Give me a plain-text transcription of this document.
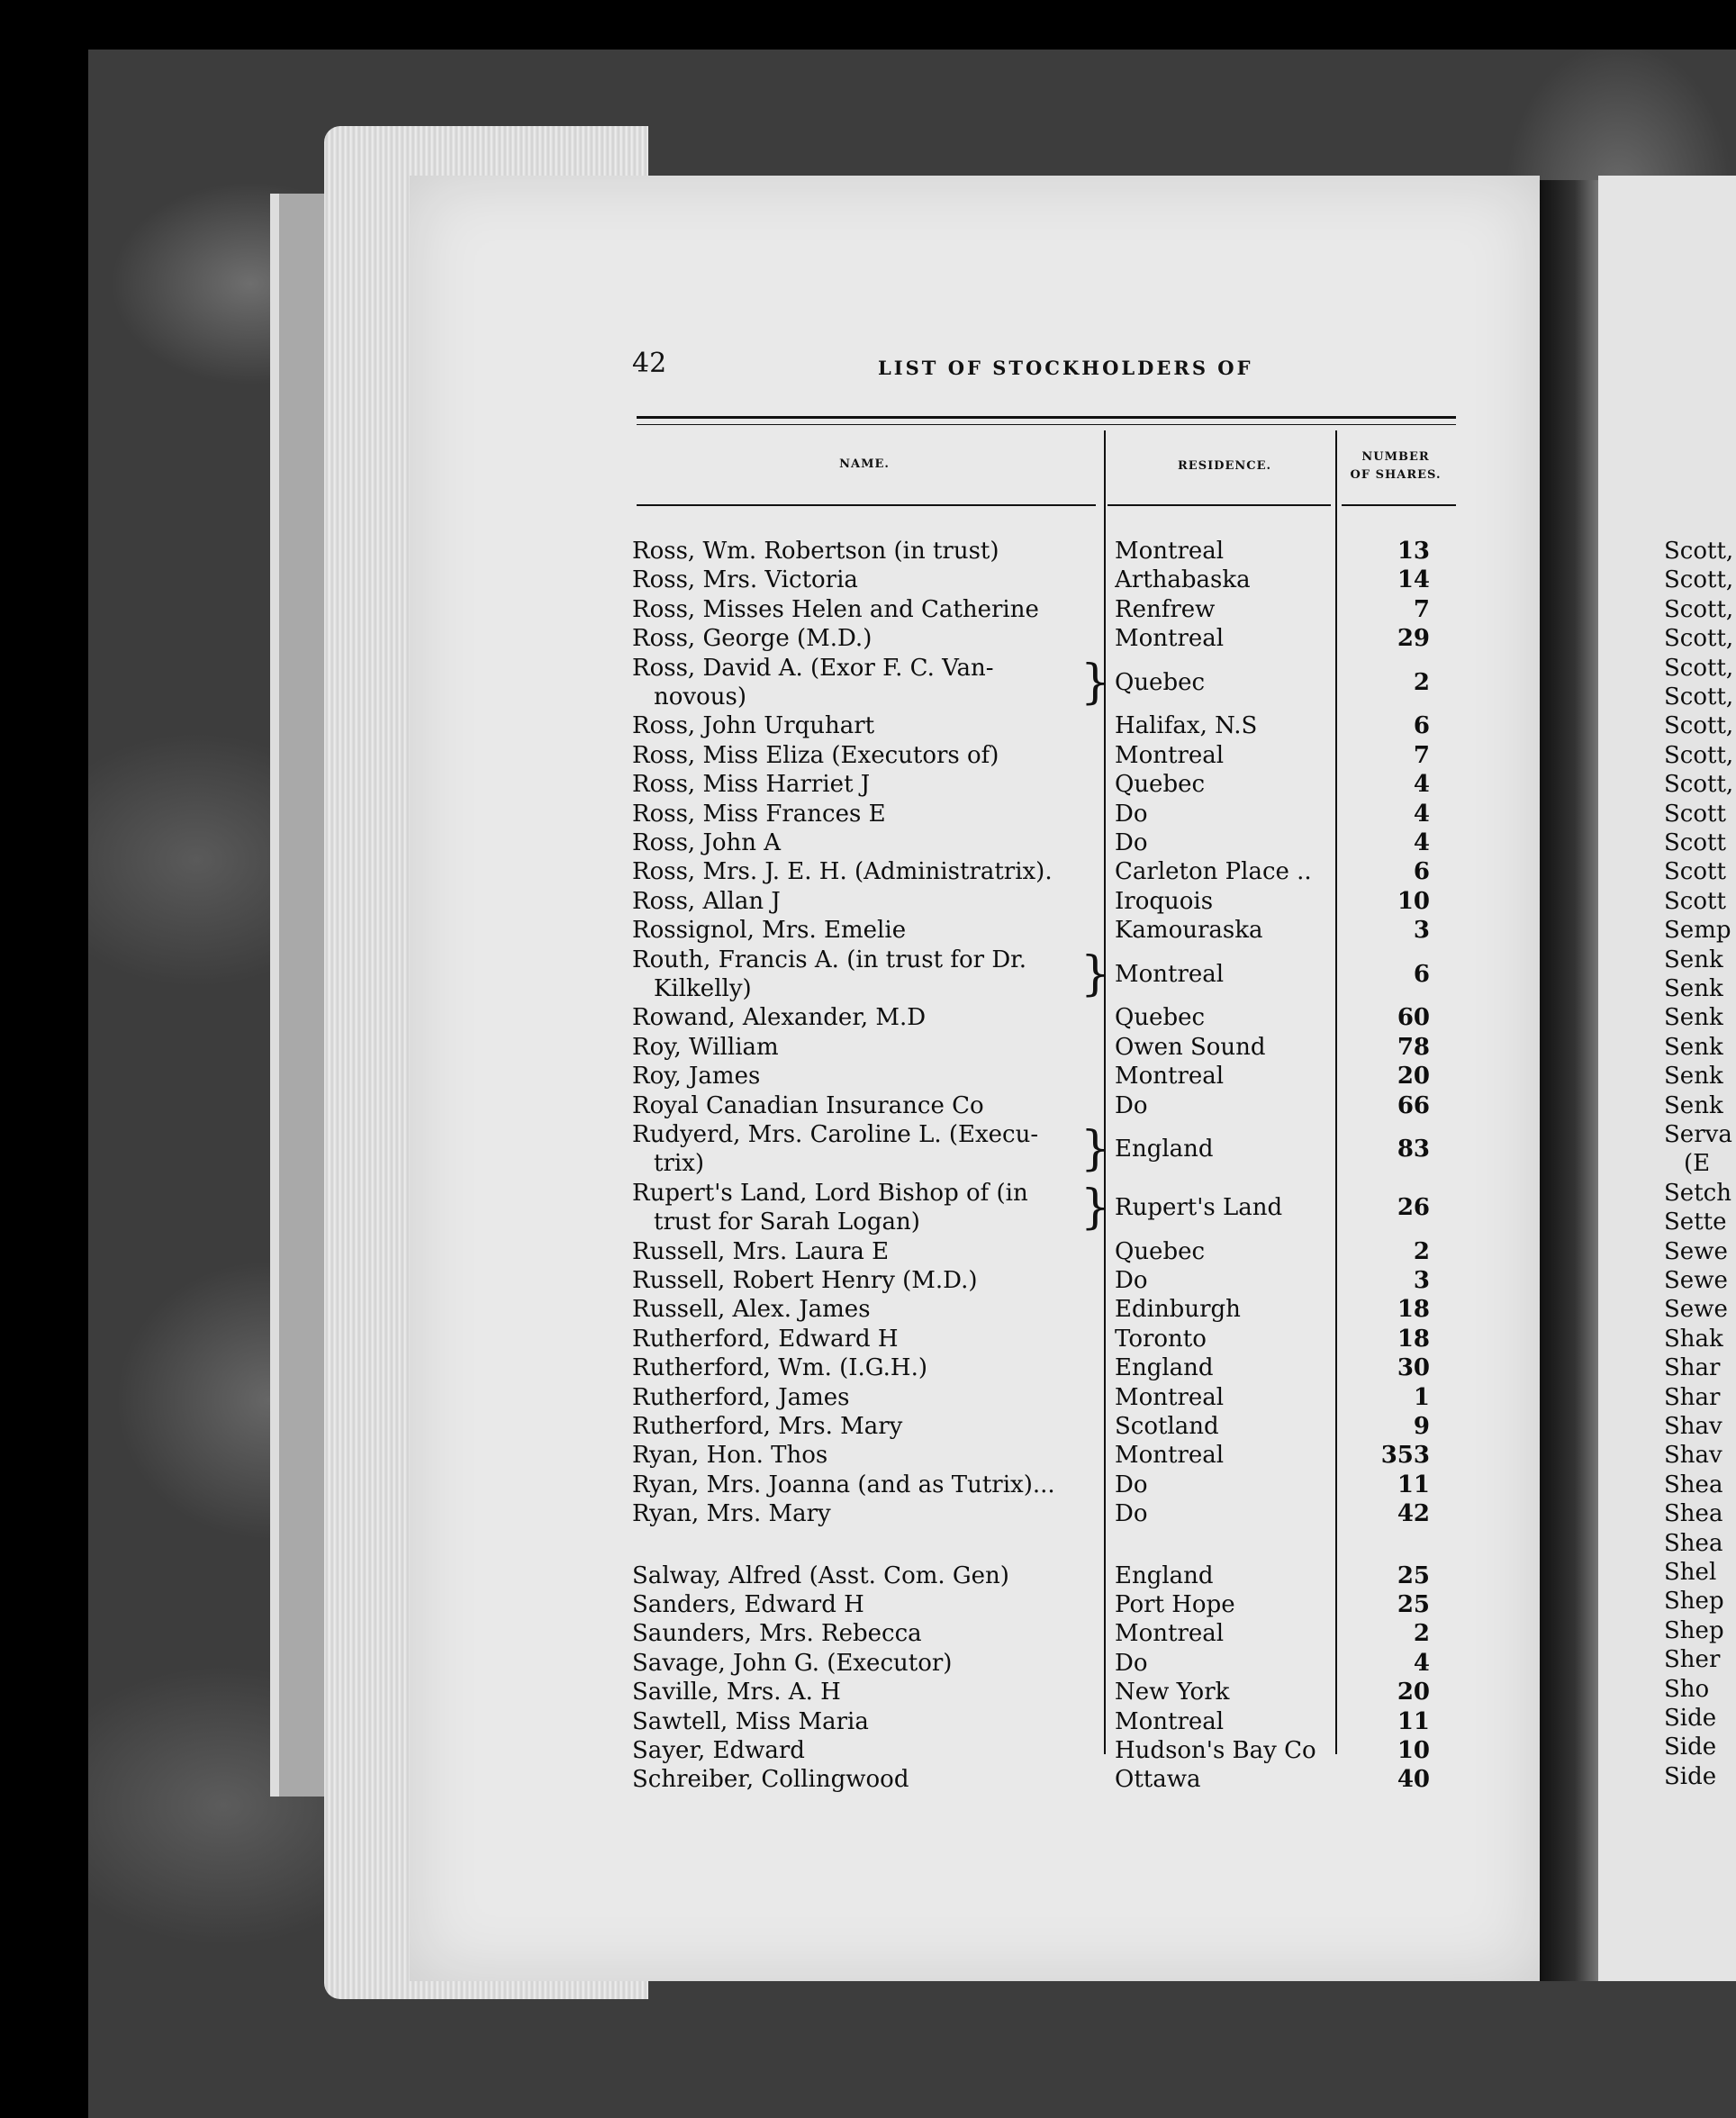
42	LIST OF STOCKHOLDERS OF
NAME.	RESIDENCE.
NUMBER
OF SHARES.
Ross, Wm. Robertson (in trust)	Montreal	13
Ross, Mrs. Victoria	Arthabaska	14
Ross, Misses Helen and Catherine	Renfrew	7
Ross, George (M.D.)	Montreal	29
Ross, David A. (Exor F. C. Van-
novous)	} Quebec	2
Ross, John Urquhart	Halifax, N.S	6
Ross, Miss Eliza (Executors of)	Montreal	7
Ross, Miss Harriet J	Quebec	4
Ross, Miss Frances E	Do	4
Ross, John A	Do	4
Ross, Mrs. J. E. H. (Administratrix).	Carleton Place ..	6
Ross, Allan J	Iroquois	10
Rossignol, Mrs. Emelie	Kamouraska	3
Routh, Francis A. (in trust for Dr.
Kilkelly)	} Montreal	6
Rowand, Alexander, M.D	Quebec	60
Roy, William	Owen Sound	78
Roy, James	Montreal	20
Royal Canadian Insurance Co	Do	66
Rudyerd, Mrs. Caroline L. (Execu-
trix)	} England	83
Rupert's Land, Lord Bishop of (in
trust for Sarah Logan)	} Rupert's Land	26
Russell, Mrs. Laura E	Quebec	2
Russell, Robert Henry (M.D.)	Do	3
Russell, Alex. James	Edinburgh	18
Rutherford, Edward H	Toronto	18
Rutherford, Wm. (I.G.H.)	England	30
Rutherford, James	Montreal	1
Rutherford, Mrs. Mary	Scotland	9
Ryan, Hon. Thos	Montreal	353
Ryan, Mrs. Joanna (and as Tutrix)...	Do	11
Ryan, Mrs. Mary	Do	42
Salway, Alfred (Asst. Com. Gen)	England	25
Sanders, Edward H	Port Hope	25
Saunders, Mrs. Rebecca	Montreal	2
Savage, John G. (Executor)	Do	4
Saville, Mrs. A. H	New York	20
Sawtell, Miss Maria	Montreal	11
Sayer, Edward	Hudson's Bay Co	10
Schreiber, Collingwood	Ottawa	40
Scott,
Scott,
Scott,
Scott,
Scott,
Scott,
Scott,
Scott,
Scott,
Scott
Scott
Scott
Scott
Semp
Senk
Senk
Senk
Senk
Senk
Senk
Serva
(E
Setch
Sette
Sewe
Sewe
Sewe
Shak
Shar
Shar
Shav
Shav
Shea
Shea
Shea
Shel
Shep
Shep
Sher
Sho
Side
Side
Side
